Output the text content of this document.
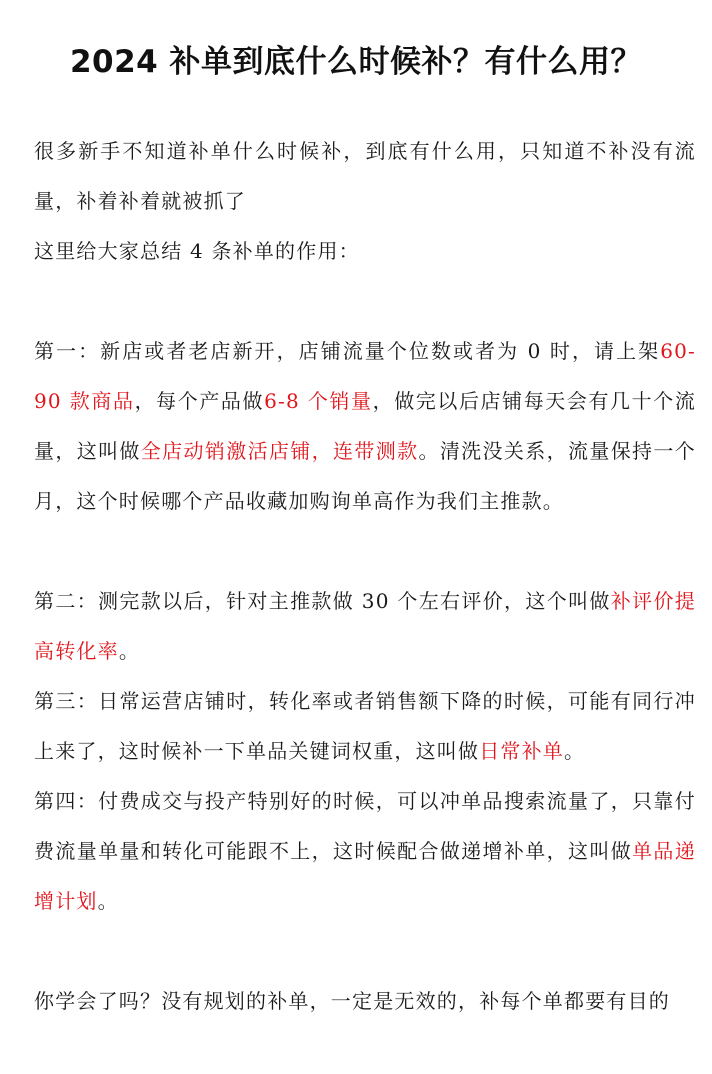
2024 补单到底什么时候补？有什么用？

很多新手不知道补单什么时候补，到底有什么用，只知道不补没有流量，补着补着就被抓了

这里给大家总结 4 条补单的作用：

第一：新店或者老店新开，店铺流量个位数或者为 0 时，请上架60-90 款商品，每个产品做6-8 个销量，做完以后店铺每天会有几十个流量，这叫做全店动销激活店铺，连带测款。清洗没关系，流量保持一个月，这个时候哪个产品收藏加购询单高作为我们主推款。

第二：测完款以后，针对主推款做 30 个左右评价，这个叫做补评价提高转化率。

第三：日常运营店铺时，转化率或者销售额下降的时候，可能有同行冲上来了，这时候补一下单品关键词权重，这叫做日常补单。

第四：付费成交与投产特别好的时候，可以冲单品搜索流量了，只靠付费流量单量和转化可能跟不上，这时候配合做递增补单，这叫做单品递增计划。

你学会了吗？没有规划的补单，一定是无效的，补每个单都要有目的
